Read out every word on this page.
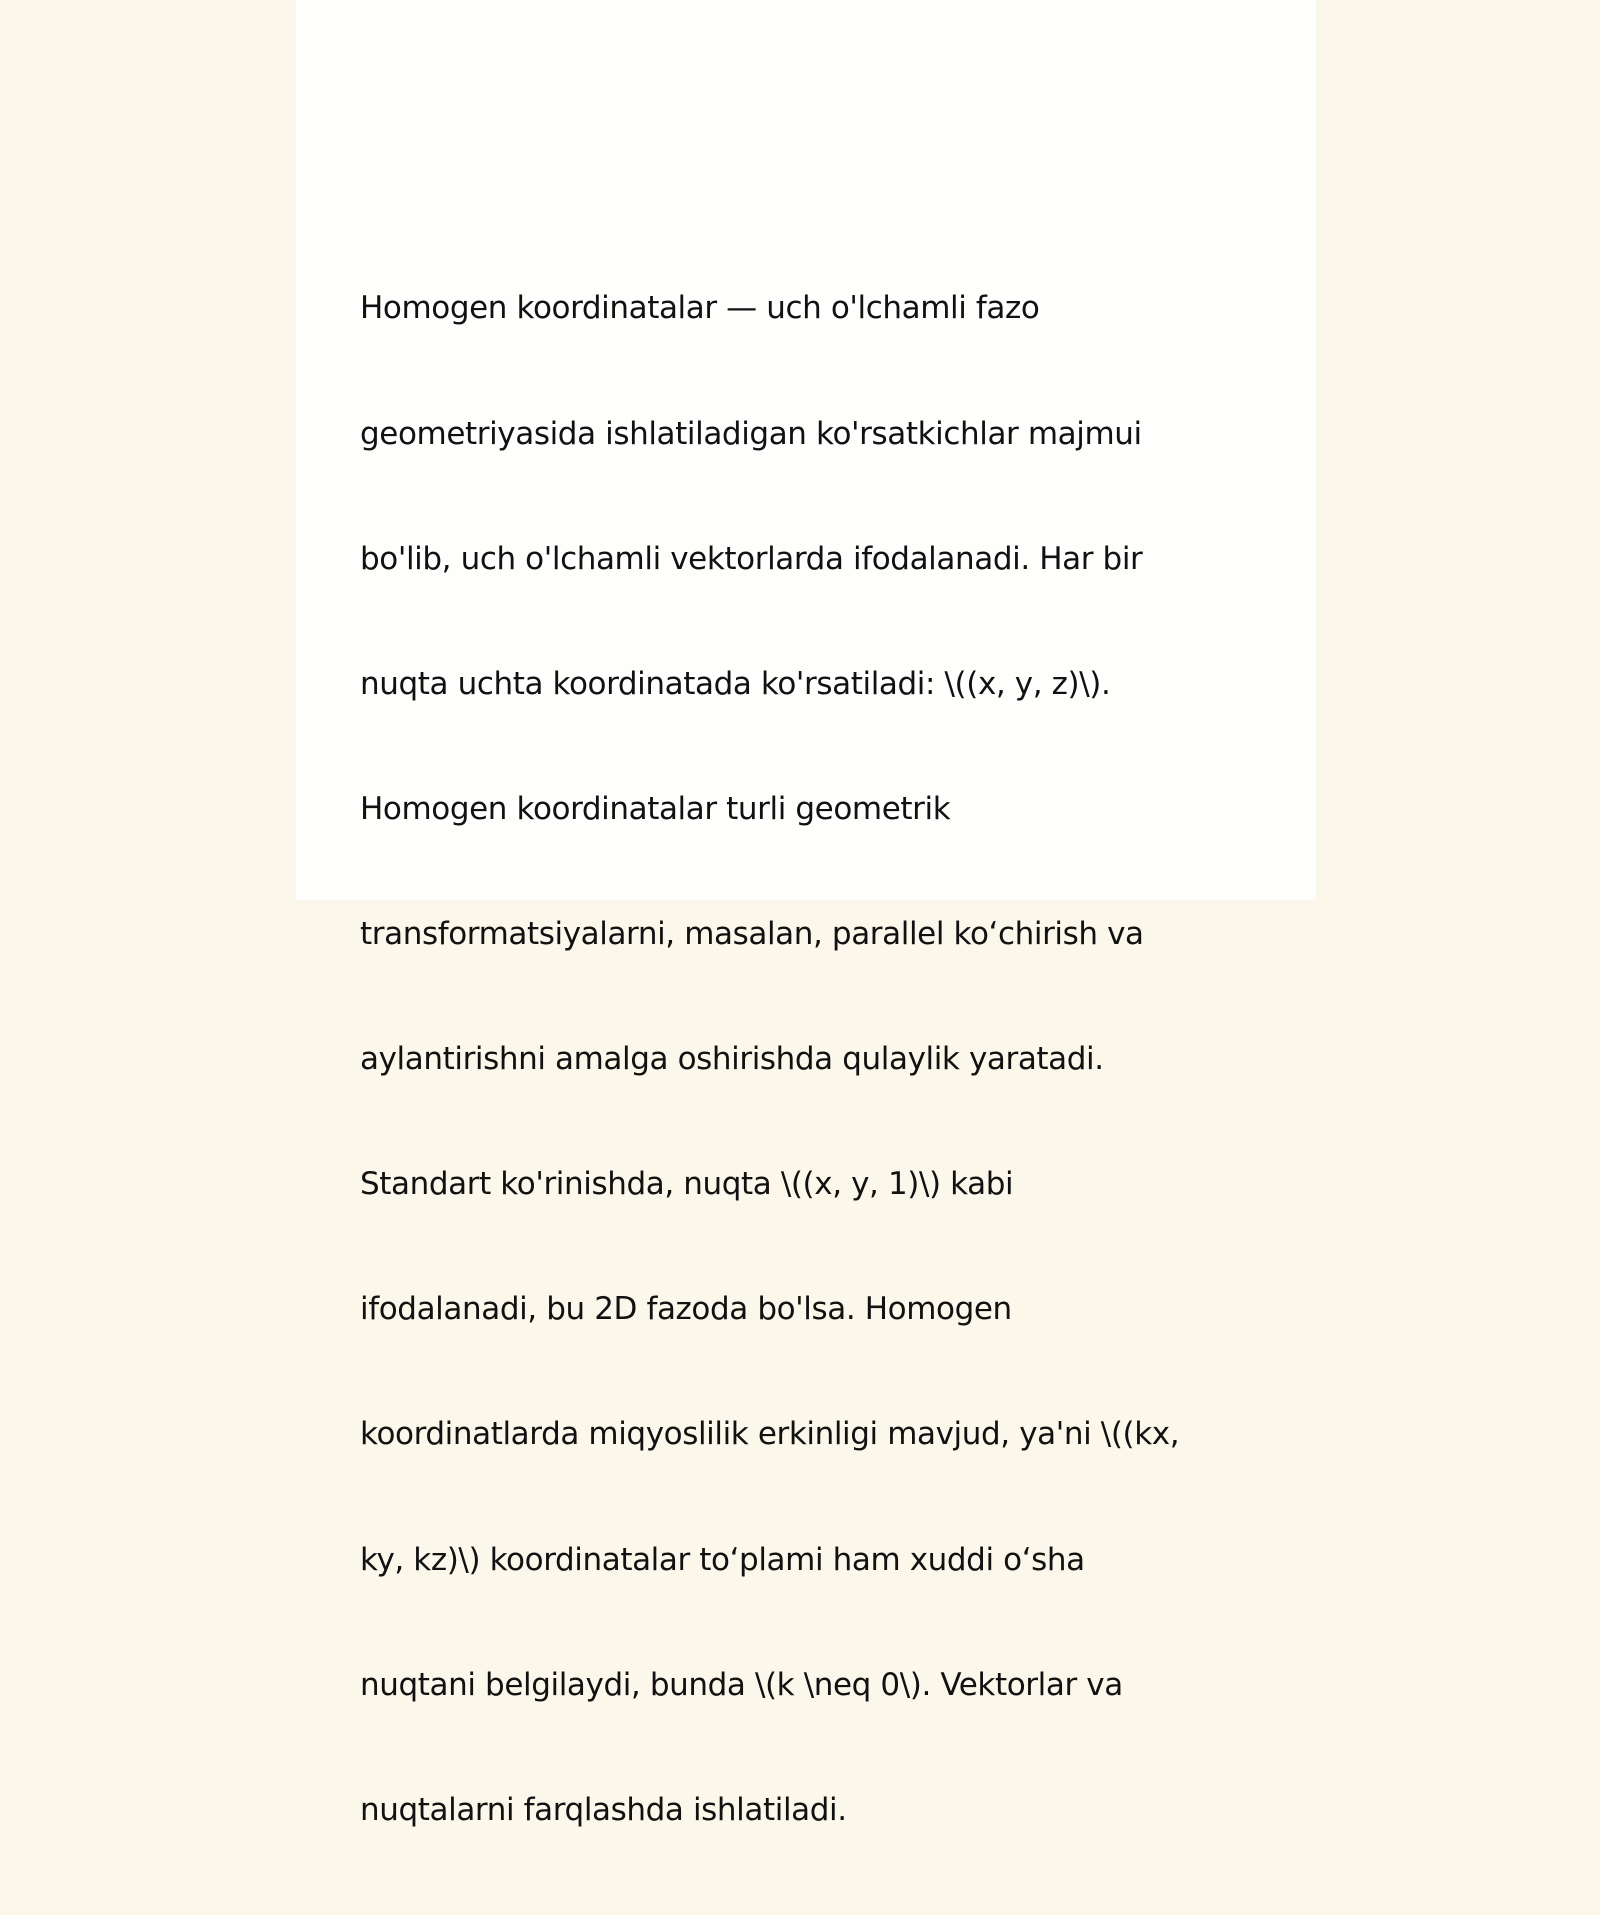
Homogen koordinatalar — uch o'lchamli fazo

geometriyasida ishlatiladigan ko'rsatkichlar majmui

bo'lib, uch o'lchamli vektorlarda ifodalanadi. Har bir

nuqta uchta koordinatada ko'rsatiladi: \((x, y, z)\).

Homogen koordinatalar turli geometrik

transformatsiyalarni, masalan, parallel koʻchirish va

aylantirishni amalga oshirishda qulaylik yaratadi.

Standart ko'rinishda, nuqta \((x, y, 1)\) kabi

ifodalanadi, bu 2D fazoda bo'lsa. Homogen

koordinatlarda miqyoslilik erkinligi mavjud, ya'ni \((kx,

ky, kz)\) koordinatalar toʻplami ham xuddi oʻsha

nuqtani belgilaydi, bunda \(k \neq 0\). Vektorlar va

nuqtalarni farqlashda ishlatiladi.
